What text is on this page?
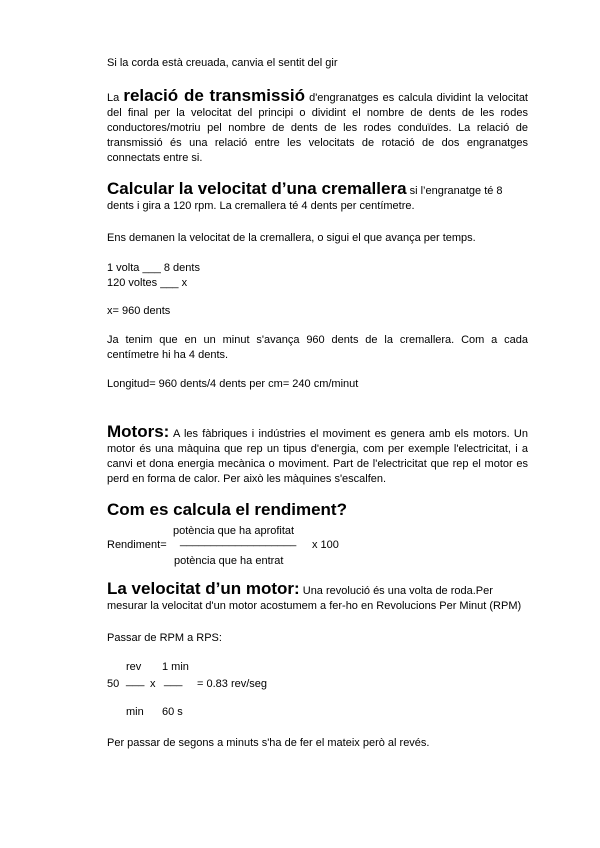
Si la corda està creuada, canvia el sentit del gir

La relació de transmissió d'engranatges es calcula dividint la velocitat del final per la velocitat del principi o dividint el nombre de dents de les rodes conductores/motriu pel nombre de dents de les rodes conduïdes. La relació de transmissió és una relació entre les velocitats de rotació de dos engranatges connectats entre si.

Calcular la velocitat d’una cremallera si l’engranatge té 8 dents i gira a 120 rpm. La cremallera té 4 dents per centímetre.

Ens demanen la velocitat de la cremallera, o sigui el que avança per temps.

1 volta ___ 8 dents
120 voltes ___ x

x= 960 dents

Ja tenim que en un minut s'avança 960 dents de la cremallera. Com a cada centímetre hi ha 4 dents.

Longitud= 960 dents/4 dents per cm= 240 cm/minut

Motors: A les fàbriques i indústries el moviment es genera amb els motors. Un motor és una màquina que rep un tipus d'energia, com per exemple l'electricitat, i a canvi et dona energia mecànica o moviment. Part de l'electricitat que rep el motor es perd en forma de calor. Per això les màquines s'escalfen.

Com es calcula el rendiment?
potència que ha aprofitat
Rendiment= ___________________ x 100
potència que ha entrat

La velocitat d’un motor: Una revolució és una volta de roda.Per mesurar la velocitat d'un motor acostumem a fer-ho en Revolucions Per Minut (RPM)

Passar de RPM a RPS:

rev 1 min
50 ___ x ___ = 0.83 rev/seg
min 60 s

Per passar de segons a minuts s'ha de fer el mateix però al revés.
